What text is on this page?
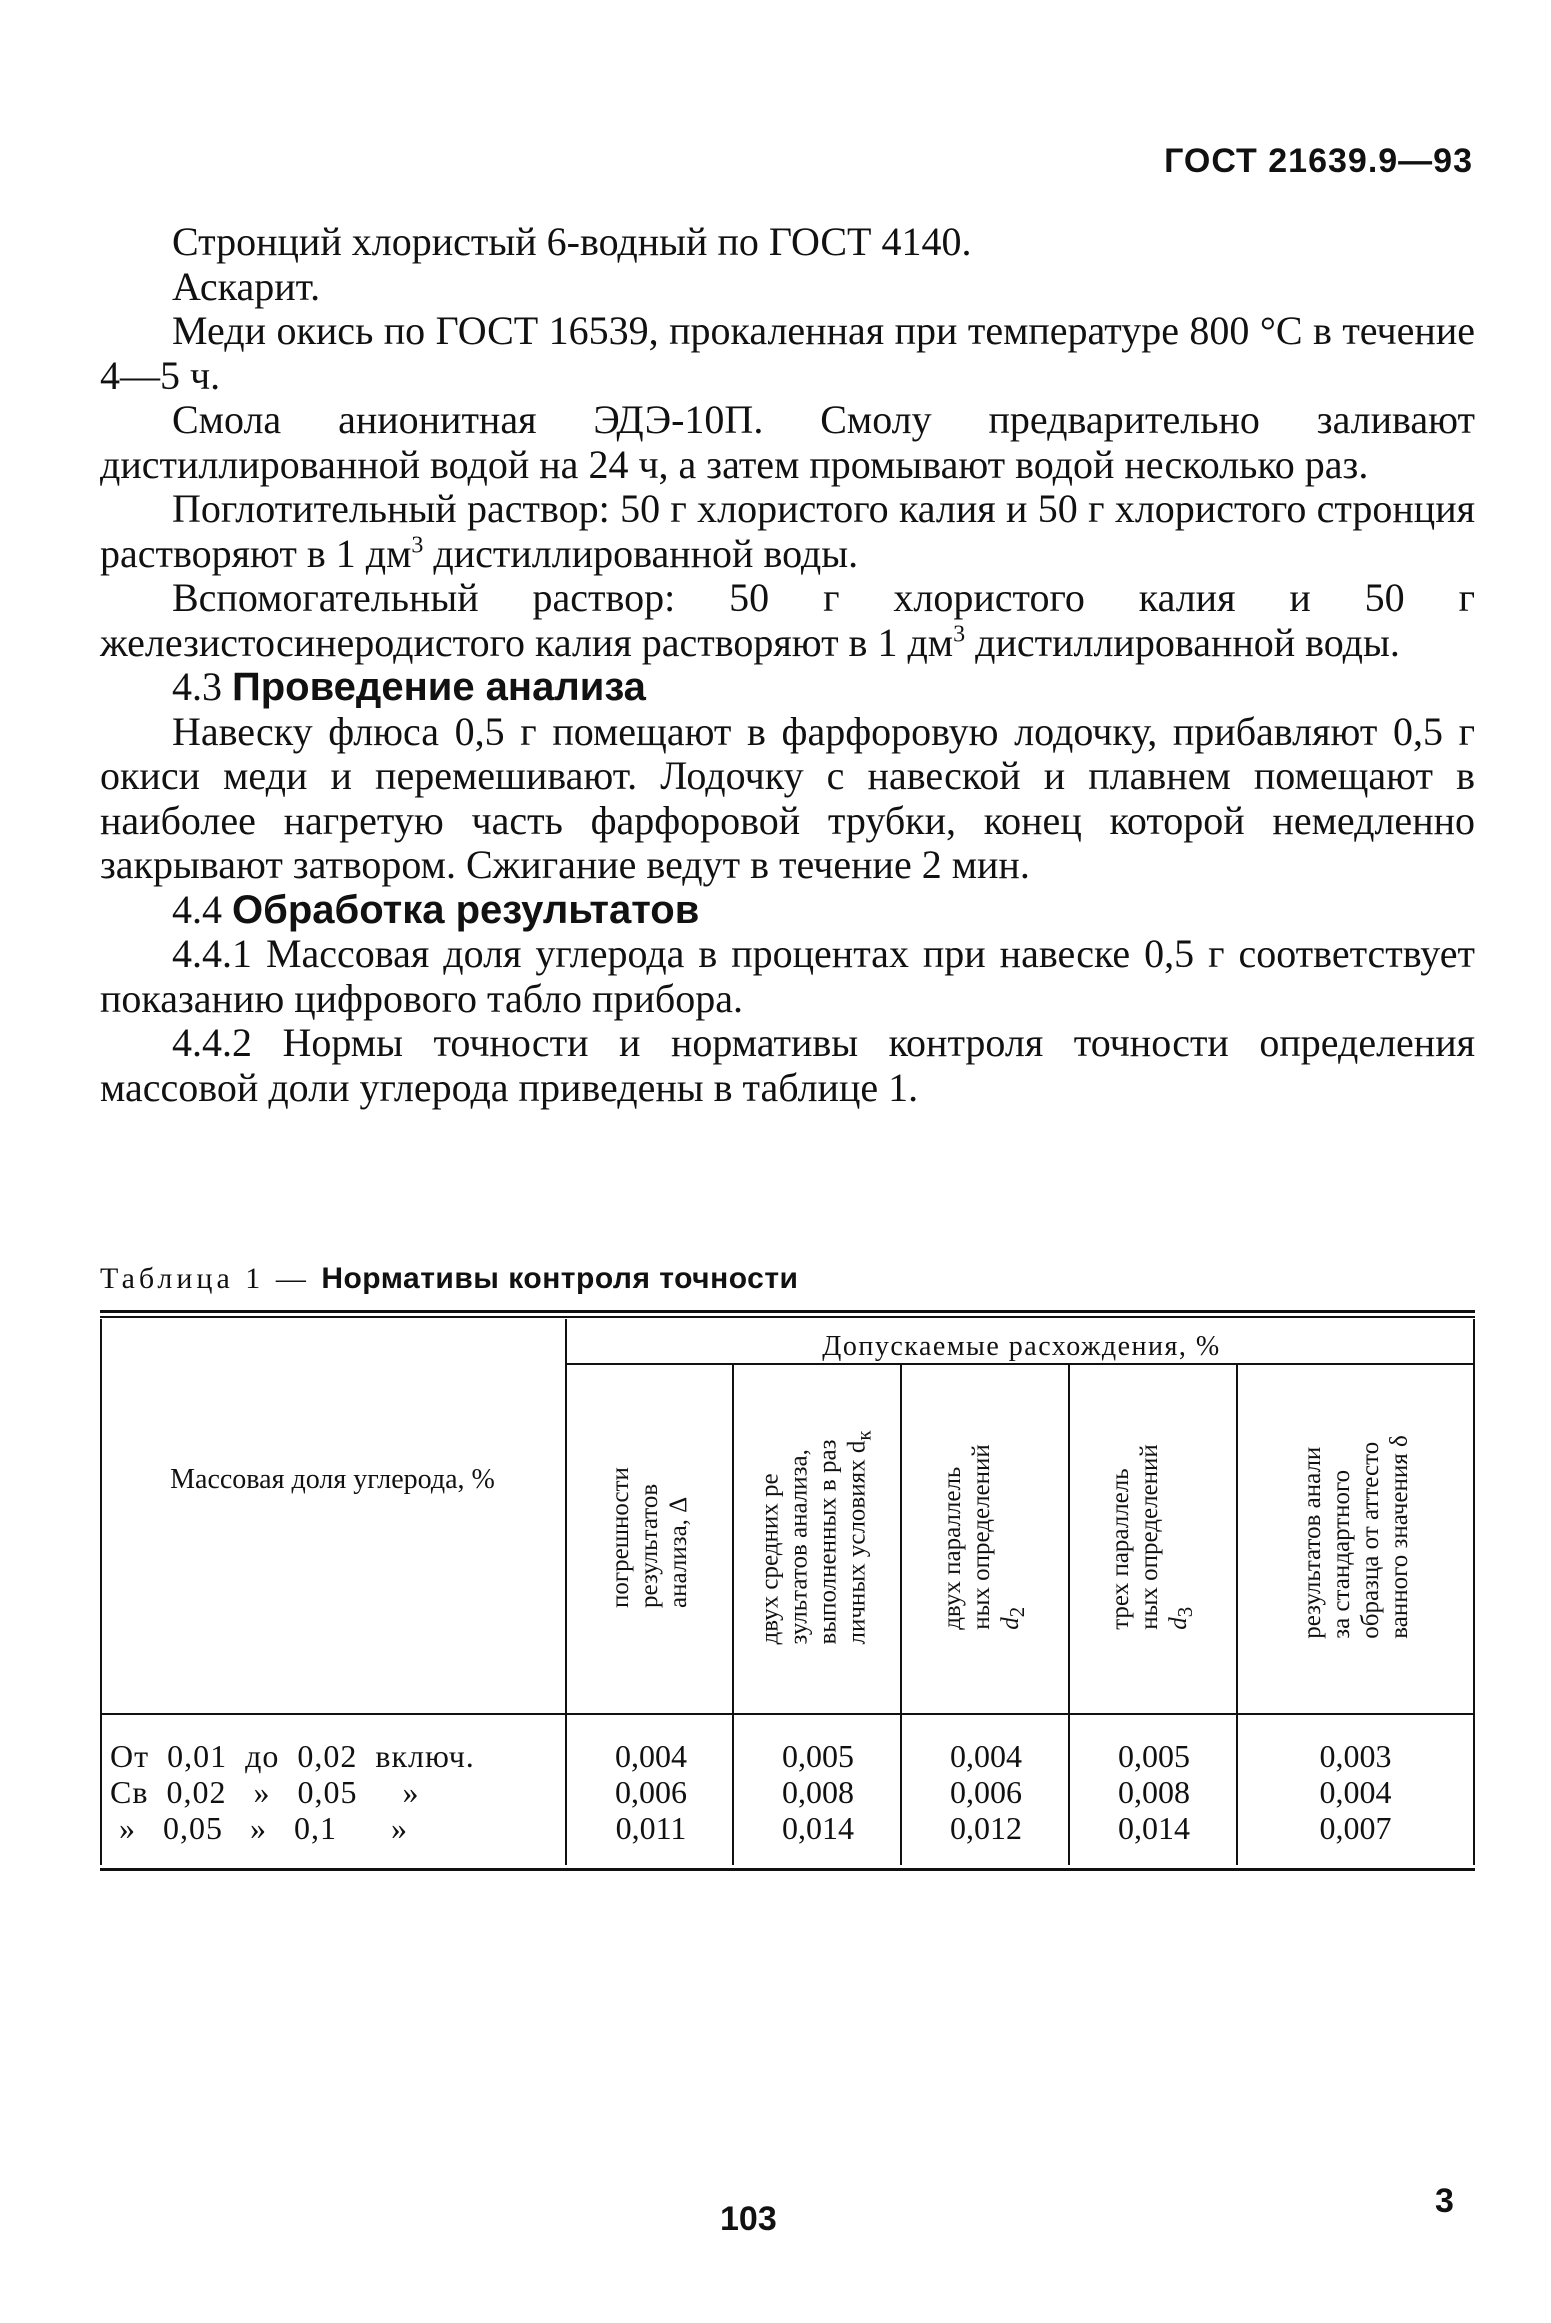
ГОСТ 21639.9—93

Стронций хлористый 6-водный по ГОСТ 4140.

Аскарит.

Меди окись по ГОСТ 16539, прокаленная при температуре 800 °С в течение 4—5 ч.

Смола анионитная ЭДЭ-10П. Смолу предварительно заливают дистиллированной водой на 24 ч, а затем промывают водой несколько раз.

Поглотительный раствор: 50 г хлористого калия и 50 г хлористого стронция растворяют в 1 $дм^3$ дистиллированной воды.

Вспомогательный раствор: 50 г хлористого калия и 50 г железистосинеродистого калия растворяют в 1 $дм^3$ дистиллированной воды.

4.3 Проведение анализа

Навеску флюса 0,5 г помещают в фарфоровую лодочку, прибавляют 0,5 г окиси меди и перемешивают. Лодочку с навеской и плавнем помещают в наиболее нагретую часть фарфоровой трубки, конец которой немедленно закрывают затвором. Сжигание ведут в течение 2 мин.

4.4 Обработка результатов

4.4.1 Массовая доля углерода в процентах при навеске 0,5 г соответствует показанию цифрового табло прибора.

4.4.2 Нормы точности и нормативы контроля точности определения массовой доли углерода приведены в таблице 1.

Таблица 1 — Нормативы контроля точности
Массовая доля углерода, %
Допускаемые расхождения, %
погрешности результатов анализа, Δ	двух средних ре зультатов анализа, выполненных в раз личных условиях $d_к$
двух параллель ных определений $d_2$	трех параллель ных определений $d_3$	результатов анали за стандартного образца от аттесто ванного значения δ
От  0,01  до  0,02  включ.	0,004	0,005	0,004	0,005	0,003
Св  0,02   »   0,05     »	0,006	0,008	0,006	0,008	0,004
»   0,05   »   0,1      »	0,011	0,014	0,012	0,014	0,007
103	3
